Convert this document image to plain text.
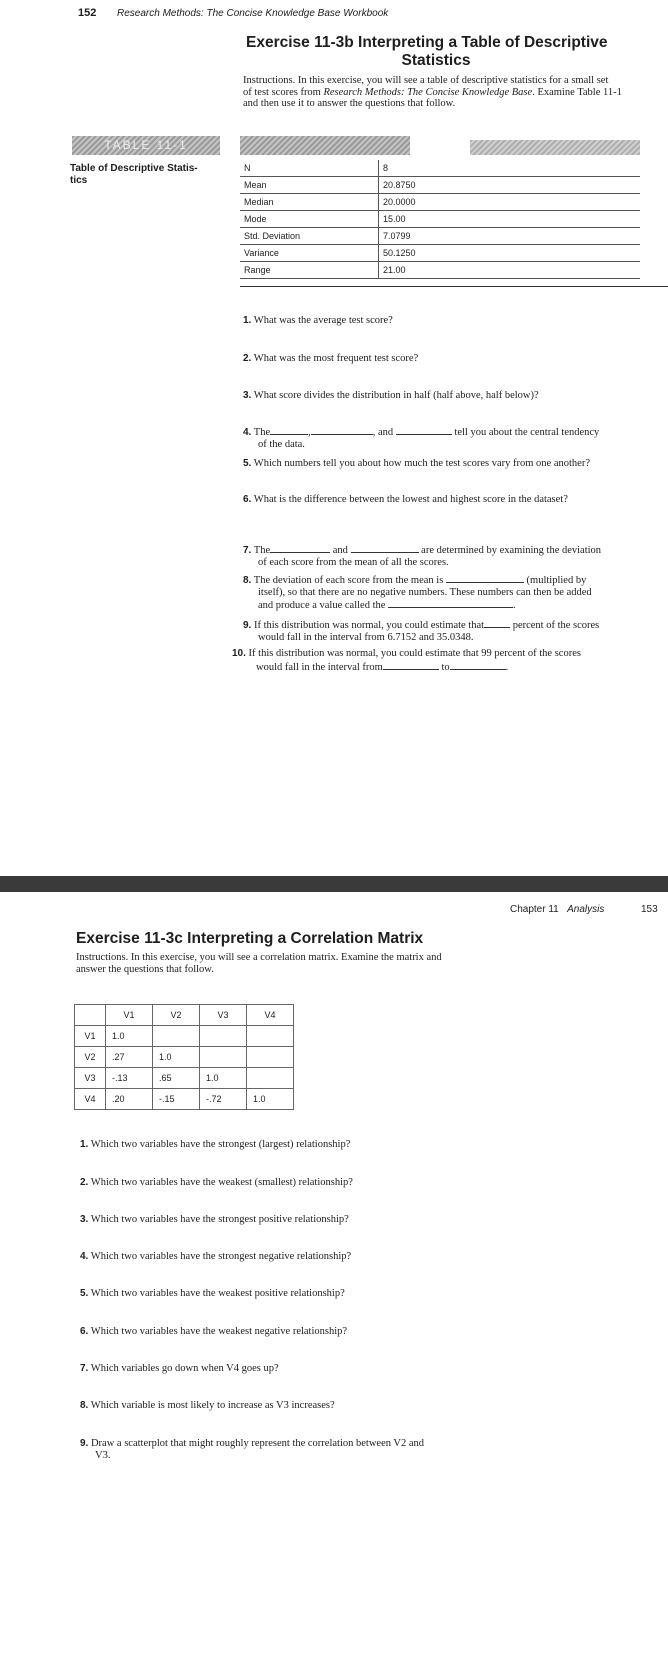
152 Research Methods: The Concise Knowledge Base Workbook
Exercise 11-3b Interpreting a Table of Descriptive
Statistics
Instructions. In this exercise, you will see a table of descriptive statistics for a small set
of test scores from Research Methods: The Concise Knowledge Base. Examine Table 11-1
and then use it to answer the questions that follow.
TABLE 11-1
Table of Descriptive Statis-
tics
N	8
Mean	20.8750
Median	20.0000
Mode	15.00
Std. Deviation	7.0799
Variance	50.1250
Range	21.00
1. What was the average test score?
2. What was the most frequent test score?
3. What score divides the distribution in half (half above, half below)?
4. The	,	, and	tell you about the central tendency
of the data.
5. Which numbers tell you about how much the test scores vary from one another?
6. What is the difference between the lowest and highest score in the dataset?
7. The	and	are determined by examining the deviation
of each score from the mean of all the scores.
8. The deviation of each score from the mean is	(multiplied by
itself), so that there are no negative numbers. These numbers can then be added
and produce a value called the	.
9. If this distribution was normal, you could estimate that	percent of the scores
would fall in the interval from 6.7152 and 35.0348.
10. If this distribution was normal, you could estimate that 99 percent of the scores
would fall in the interval from	to	.
Chapter 11 Analysis	153
Exercise 11-3c Interpreting a Correlation Matrix
Instructions. In this exercise, you will see a correlation matrix. Examine the matrix and
answer the questions that follow.
	V1	V2	V3	V4
V1	1.0			
V2	.27	1.0		
V3	-.13	.65	1.0	
V4	.20	-.15	-.72	1.0
1. Which two variables have the strongest (largest) relationship?
2. Which two variables have the weakest (smallest) relationship?
3. Which two variables have the strongest positive relationship?
4. Which two variables have the strongest negative relationship?
5. Which two variables have the weakest positive relationship?
6. Which two variables have the weakest negative relationship?
7. Which variables go down when V4 goes up?
8. Which variable is most likely to increase as V3 increases?
9. Draw a scatterplot that might roughly represent the correlation between V2 and
V3.
